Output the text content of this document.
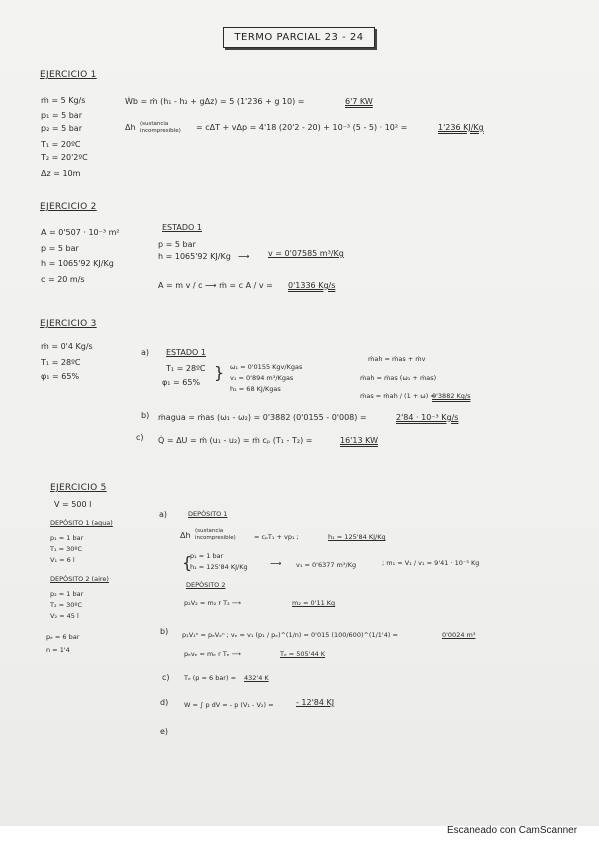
TERMO PARCIAL 23 - 24
EJERCICIO 1
ṁ = 5 Kg/s
p₁ = 5 bar
p₂ = 5 bar
T₁ = 20ºC
T₂ = 20'2ºC
Δz = 10m
Ẇb = ṁ (h₁ - h₂ + gΔz) = 5 (1'236 + g 10) =	6'7 KW
Δh (sustancia incompresible)	= cΔT + vΔp = 4'18 (20'2 - 20) + 10⁻³ (5 - 5) · 10² =	1'236 KJ/Kg
EJERCICIO 2
A = 0'507 · 10⁻³ m²
p = 5 bar
h = 1065'92 KJ/Kg
c = 20 m/s
ESTADO 1
p = 5 bar
h = 1065'92 KJ/Kg ⟶ v = 0'07585 m³/Kg
A = m v / c ⟶ ṁ = c A / v = 0'1336 Kg/s
EJERCICIO 3
ṁ = 0'4 Kg/s
T₁ = 28ºC
φ₁ = 65%
a) ESTADO 1
T₁ = 28ºC
φ₁ = 65%
} ω₁ = 0'0155 Kgv/Kgas
v₁ = 0'894 m³/Kgas
h₁ = 68 KJ/Kgas
ṁah = ṁas + ṁv
ṁah = ṁas (ω₁ + ṁas)
ṁas = ṁah / (1 + ω) =
0'3882 Kg/s
b) ṁagua = ṁas (ω₁ - ω₂) = 0'3882 (0'0155 - 0'008) =	2'84 · 10⁻³ Kg/s
c) Q̇ = ΔU = ṁ (u₁ - u₂) = ṁ cₚ (T₁ - T₂) =	16'13 KW
EJERCICIO 5
V = 500 l
DEPÓSITO 1 (agua)
p₁ = 1 bar
T₁ = 30ºC
V₁ = 6 l
DEPÓSITO 2 (aire)
p₂ = 1 bar
T₂ = 30ºC
V₂ = 45 l
pₑ = 6 bar
n = 1'4
a)	DEPÓSITO 1
Δh (sustancia incompresible)	= cₚT₁ + vp₁ ;	h₁ = 125'84 KJ/Kg
{
p₁ = 1 bar
h₁ = 125'84 KJ/Kg	⟶ v₁ = 0'6377 m³/Kg	; m₁ = V₁ / v₁ = 9'41 · 10⁻³ Kg
DEPÓSITO 2
p₂V₂ = m₂ r T₂ ⟶	m₂ = 0'11 Kg
b) p₁V₁ⁿ = pₑVₑⁿ ; vₑ = v₁ (p₁ / pₑ)^(1/n) = 0'015 (100/600)^(1/1'4) =	0'0024 m³
pₑvₑ = mₑ r Tₑ ⟶	Tₑ = 505'44 K
c) Tₑ (p = 6 bar) = 432'4 K
d) W = ∫ p dV = - p (V₁ - V₂) =	- 12'84 KJ
e)
Escaneado con CamScanner
